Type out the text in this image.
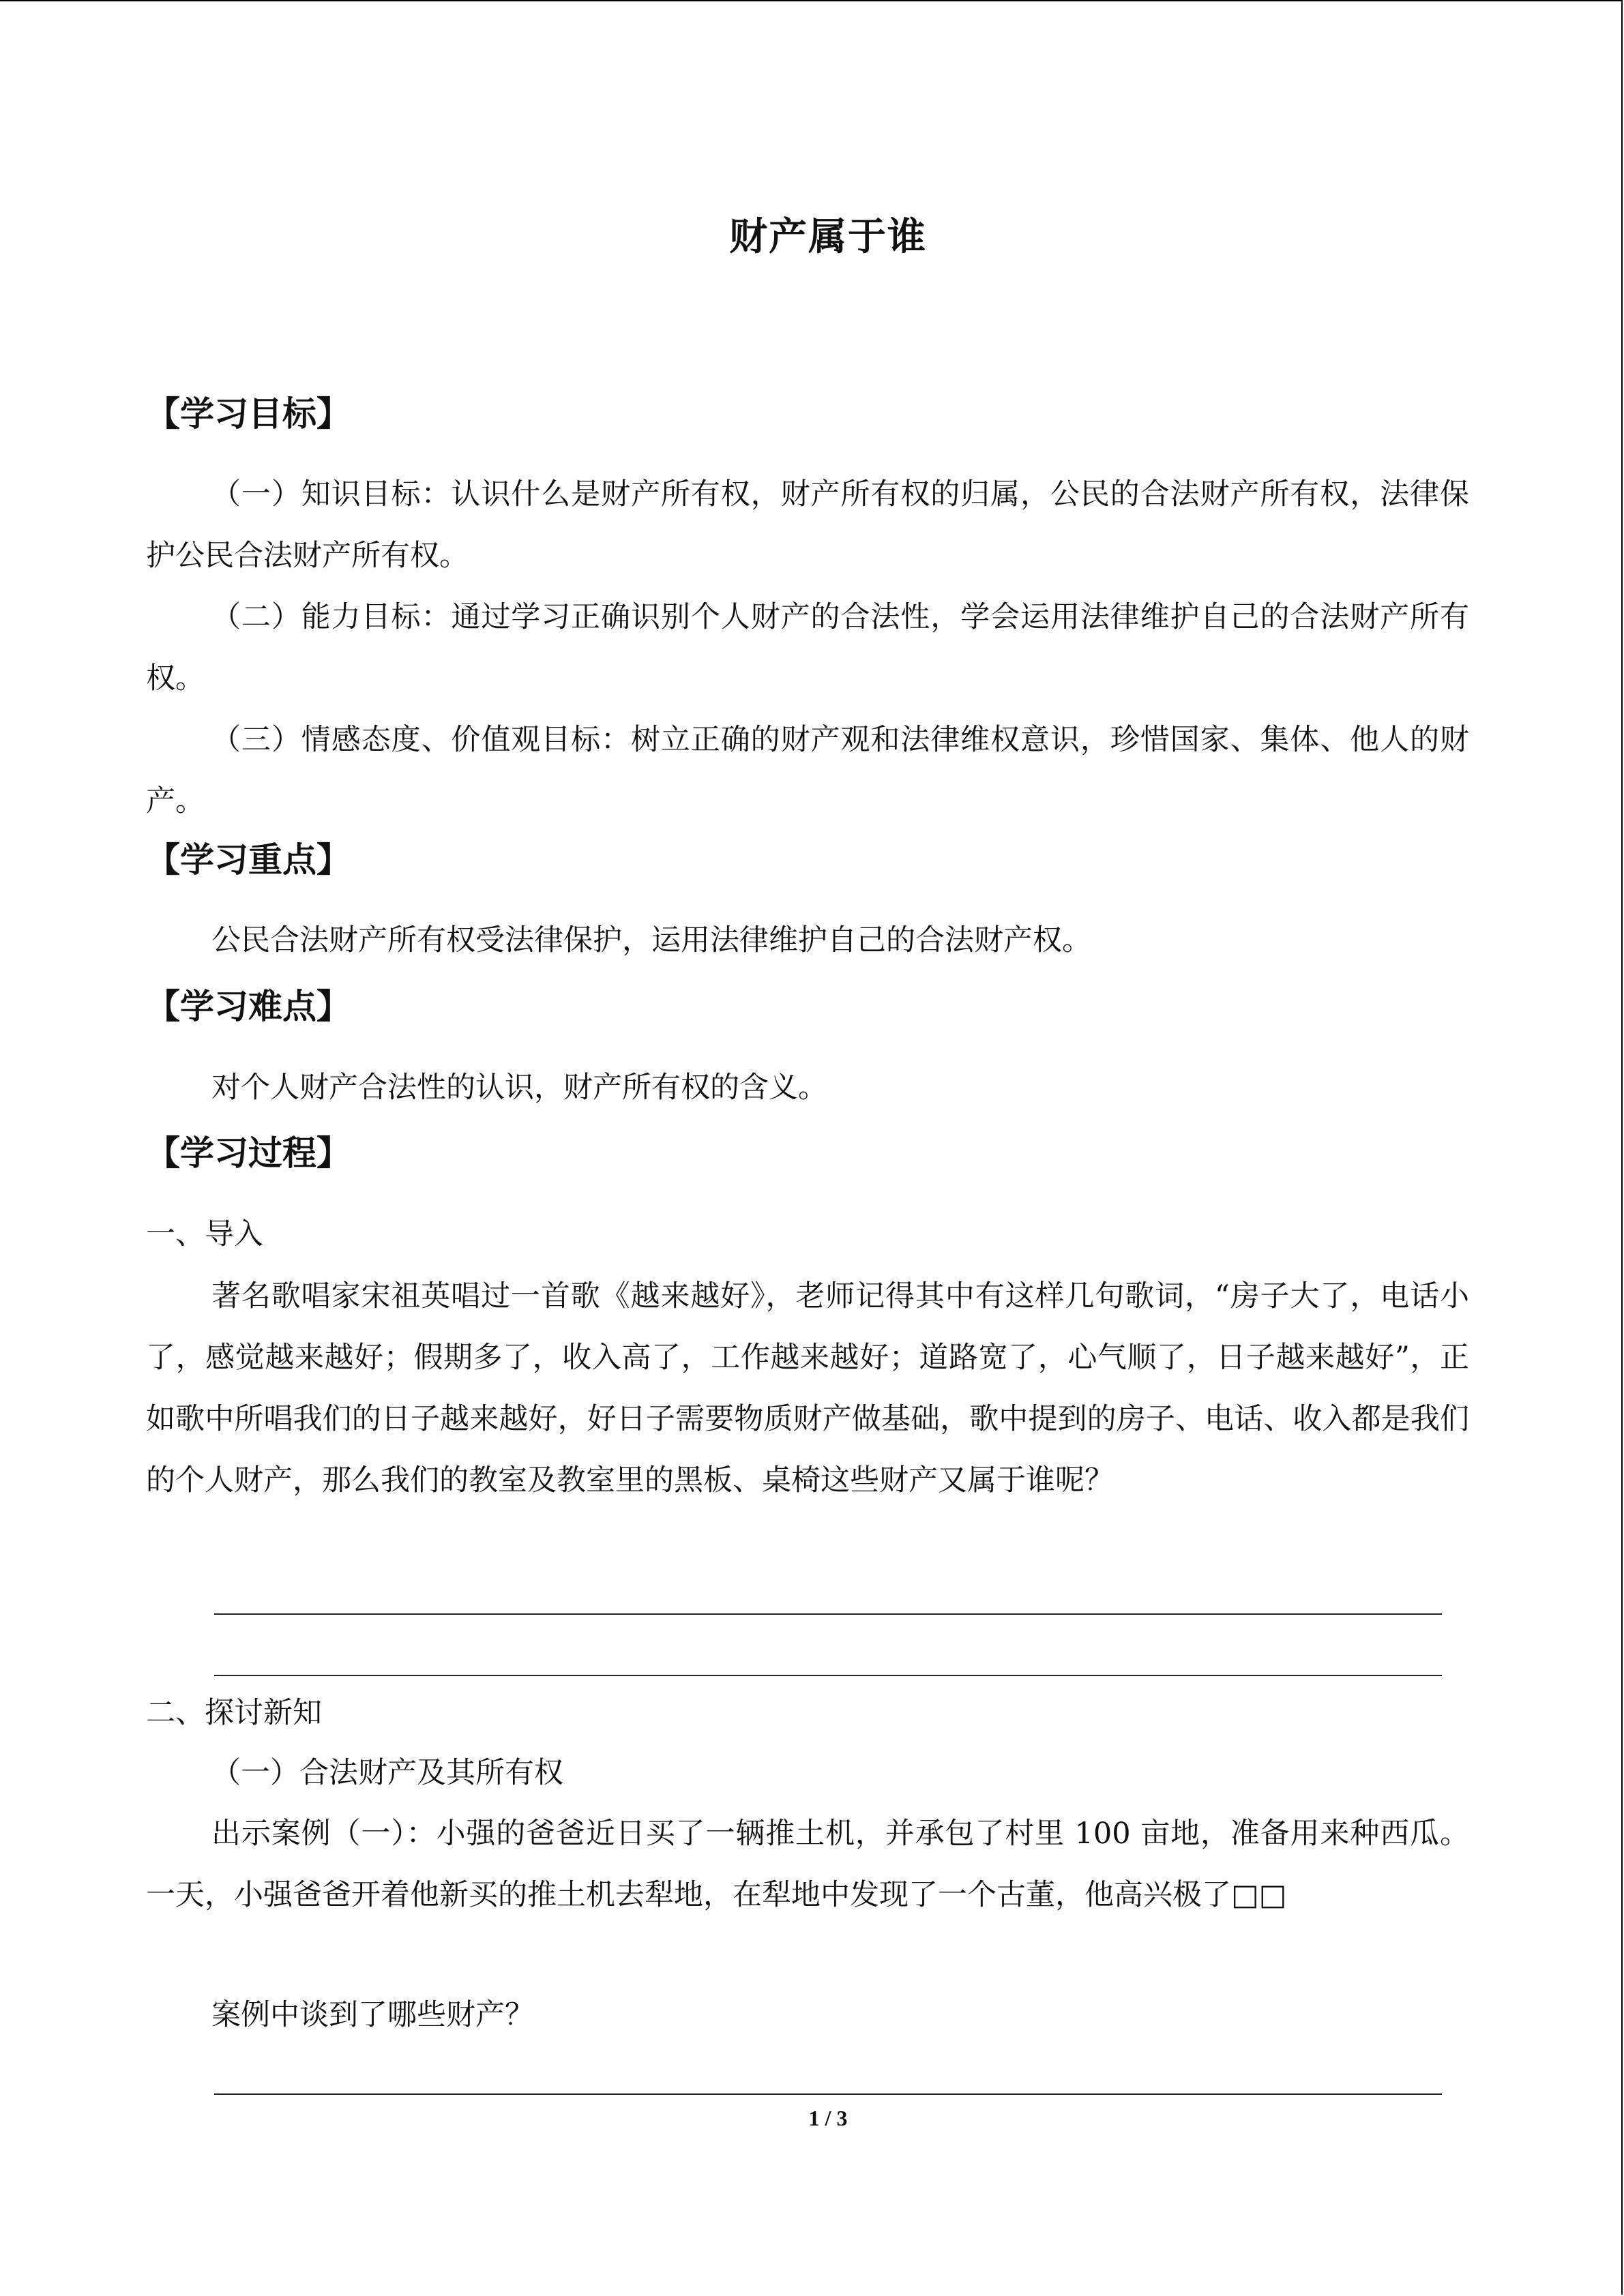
财产属于谁
【学习目标】
（一）知识目标：认识什么是财产所有权，财产所有权的归属，公民的合法财产所有权，法律保护公民合法财产所有权。
（二）能力目标：通过学习正确识别个人财产的合法性，学会运用法律维护自己的合法财产所有权。
（三）情感态度、价值观目标：树立正确的财产观和法律维权意识，珍惜国家、集体、他人的财产。
【学习重点】
公民合法财产所有权受法律保护，运用法律维护自己的合法财产权。
【学习难点】
对个人财产合法性的认识，财产所有权的含义。
【学习过程】
一、导入
著名歌唱家宋祖英唱过一首歌《越来越好》，老师记得其中有这样几句歌词，“房子大了，电话小了，感觉越来越好；假期多了，收入高了，工作越来越好；道路宽了，心气顺了，日子越来越好”，正如歌中所唱我们的日子越来越好，好日子需要物质财产做基础，歌中提到的房子、电话、收入都是我们的个人财产，那么我们的教室及教室里的黑板、桌椅这些财产又属于谁呢？
二、探讨新知
（一）合法财产及其所有权
出示案例（一）：小强的爸爸近日买了一辆推土机，并承包了村里 100 亩地，准备用来种西瓜。一天，小强爸爸开着他新买的推土机去犁地，在犁地中发现了一个古董，他高兴极了□□
案例中谈到了哪些财产？
1 / 3
